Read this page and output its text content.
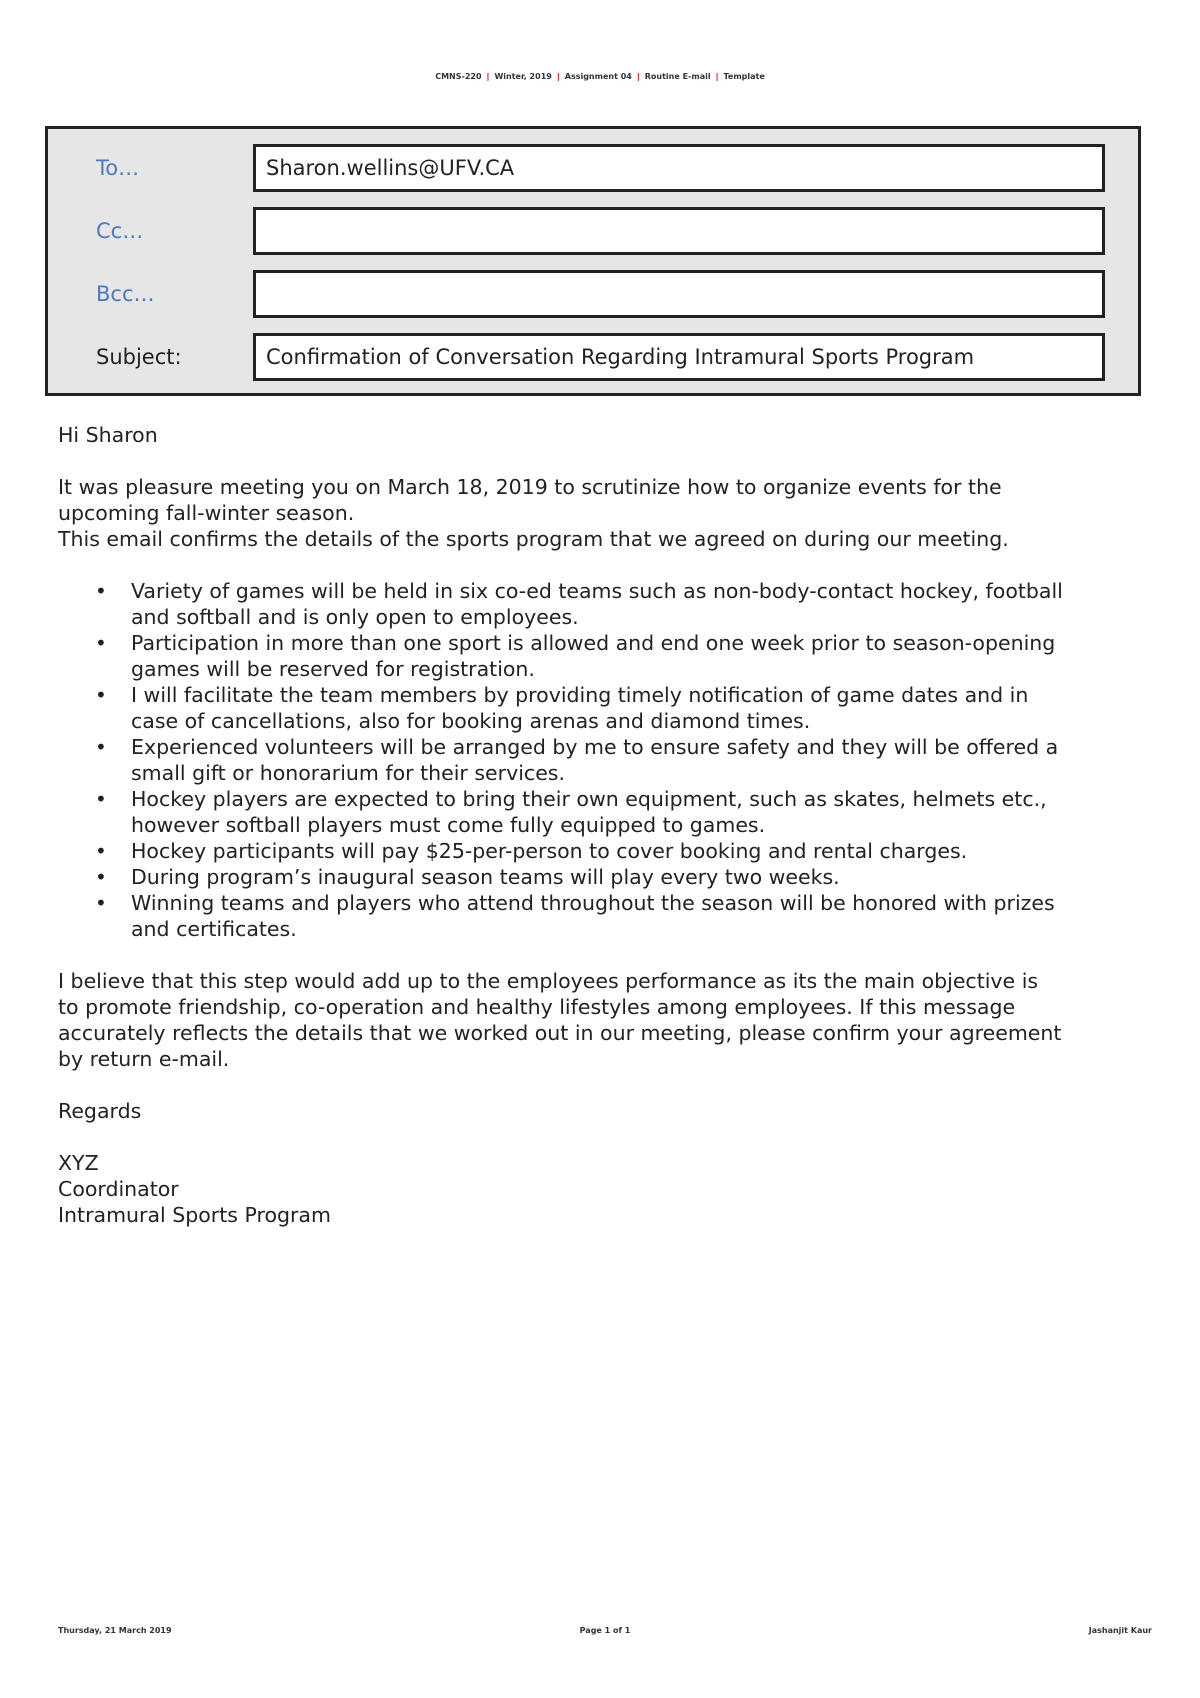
CMNS-220 | Winter, 2019 | Assignment 04 | Routine E-mail | Template
To…	Sharon.wellins@UFV.CA
Cc…
Bcc…
Subject:	Confirmation of Conversation Regarding Intramural Sports Program

Hi Sharon

It was pleasure meeting you on March 18, 2019 to scrutinize how to organize events for the

upcoming fall-winter season.

This email confirms the details of the sports program that we agreed on during our meeting.

• Variety of games will be held in six co-ed teams such as non-body-contact hockey, football
and softball and is only open to employees.
• Participation in more than one sport is allowed and end one week prior to season-opening
games will be reserved for registration.
• I will facilitate the team members by providing timely notification of game dates and in
case of cancellations, also for booking arenas and diamond times.
• Experienced volunteers will be arranged by me to ensure safety and they will be offered a
small gift or honorarium for their services.
• Hockey players are expected to bring their own equipment, such as skates, helmets etc.,
however softball players must come fully equipped to games.
• Hockey participants will pay $25-per-person to cover booking and rental charges.
• During program’s inaugural season teams will play every two weeks.
• Winning teams and players who attend throughout the season will be honored with prizes
and certificates.

I believe that this step would add up to the employees performance as its the main objective is

to promote friendship, co-operation and healthy lifestyles among employees. If this message

accurately reflects the details that we worked out in our meeting, please confirm your agreement

by return e-mail.

Regards

XYZ

Coordinator

Intramural Sports Program

Thursday, 21 March 2019	Page 1 of 1	Jashanjit Kaur
